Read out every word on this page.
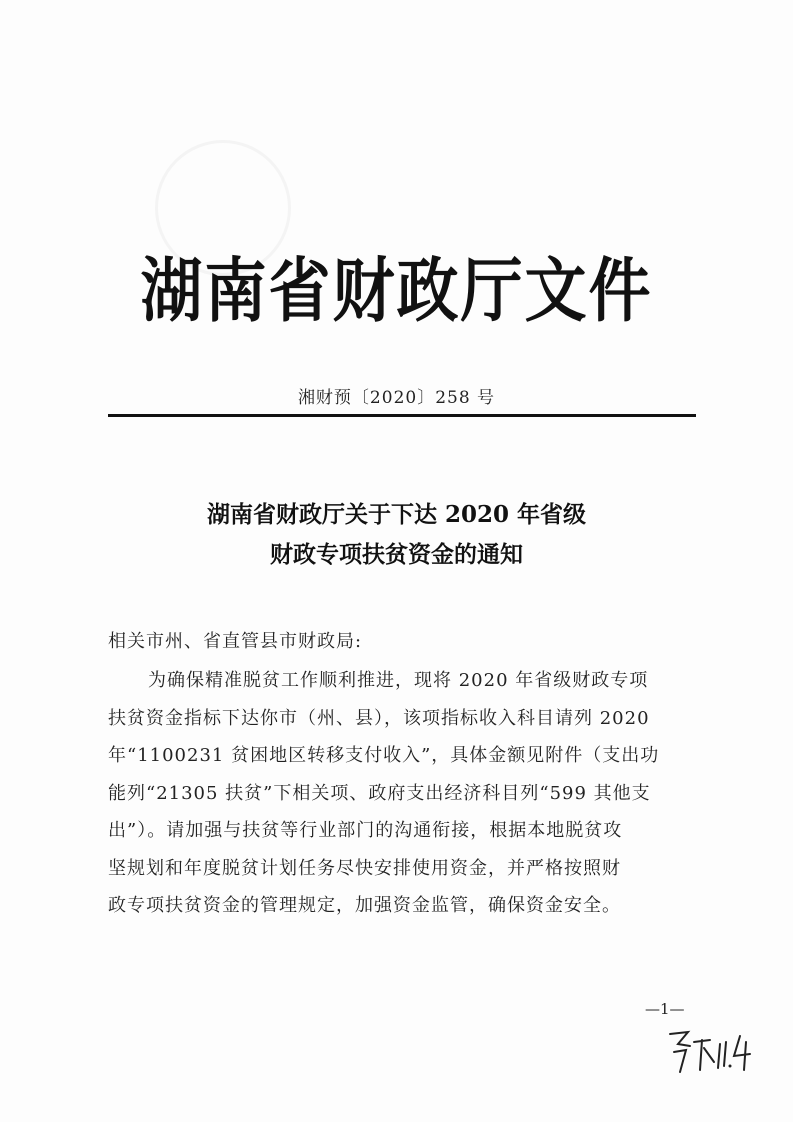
湖南省财政厅文件
湘财预〔2020〕258 号
湖南省财政厅关于下达 2020 年省级
财政专项扶贫资金的通知
相关市州、省直管县市财政局:
为确保精准脱贫工作顺利推进，现将 2020 年省级财政专项
扶贫资金指标下达你市（州、县），该项指标收入科目请列 2020
年“1100231 贫困地区转移支付收入”，具体金额见附件（支出功
能列“21305 扶贫”下相关项、政府支出经济科目列“599 其他支
出”）。请加强与扶贫等行业部门的沟通衔接，根据本地脱贫攻
坚规划和年度脱贫计划任务尽快安排使用资金，并严格按照财
政专项扶贫资金的管理规定，加强资金监管，确保资金安全。
—1—
